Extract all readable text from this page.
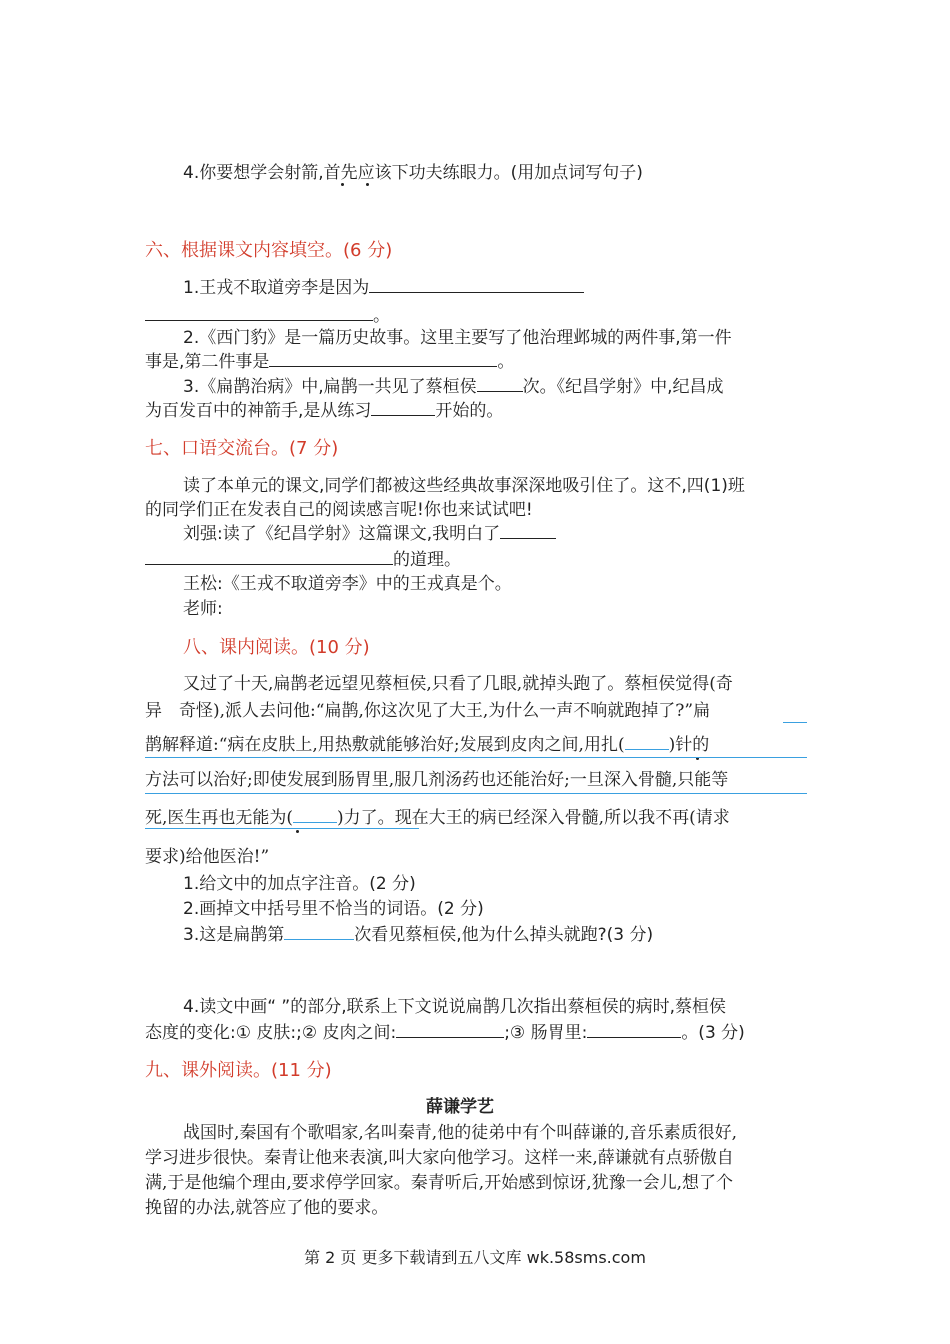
4.你要想学会射箭,首先应该下功夫练眼力。(用加点词写句子)
六、根据课文内容填空。(6 分)
1.王戎不取道旁李是因为
。
2.《西门豹》是一篇历史故事。这里主要写了他治理邺城的两件事,第一件
事是,第二件事是	。
3.《扁鹊治病》中,扁鹊一共见了蔡桓侯	次。《纪昌学射》中,纪昌成
为百发百中的神箭手,是从练习	开始的。
七、口语交流台。(7 分)
读了本单元的课文,同学们都被这些经典故事深深地吸引住了。这不,四(1)班
的同学们正在发表自己的阅读感言呢!你也来试试吧!
刘强:读了《纪昌学射》这篇课文,我明白了
的道理。
王松:《王戎不取道旁李》中的王戎真是个。
老师:
八、课内阅读。(10 分)
又过了十天,扁鹊老远望见蔡桓侯,只看了几眼,就掉头跑了。蔡桓侯觉得(奇
异　奇怪),派人去问他:“扁鹊,你这次见了大王,为什么一声不响就跑掉了?”扁
鹊解释道:“病在皮肤上,用热敷就能够治好;发展到皮肉之间,用扎(	)针的
方法可以治好;即使发展到肠胃里,服几剂汤药也还能治好;一旦深入骨髓,只能等
死,医生再也无能为(	)力了。现在大王的病已经深入骨髓,所以我不再(请求
要求)给他医治!”
1.给文中的加点字注音。(2 分)
2.画掉文中括号里不恰当的词语。(2 分)
3.这是扁鹊第	次看见蔡桓侯,他为什么掉头就跑?(3 分)
4.读文中画“ ”的部分,联系上下文说说扁鹊几次指出蔡桓侯的病时,蔡桓侯
态度的变化:① 皮肤:;② 皮肉之间:	;③ 肠胃里:	。(3 分)
九、课外阅读。(11 分)
薛谦学艺
战国时,秦国有个歌唱家,名叫秦青,他的徒弟中有个叫薛谦的,音乐素质很好,
学习进步很快。秦青让他来表演,叫大家向他学习。这样一来,薛谦就有点骄傲自
满,于是他编个理由,要求停学回家。秦青听后,开始感到惊讶,犹豫一会儿,想了个
挽留的办法,就答应了他的要求。
第 2 页 更多下载请到五八文库 wk.58sms.com
